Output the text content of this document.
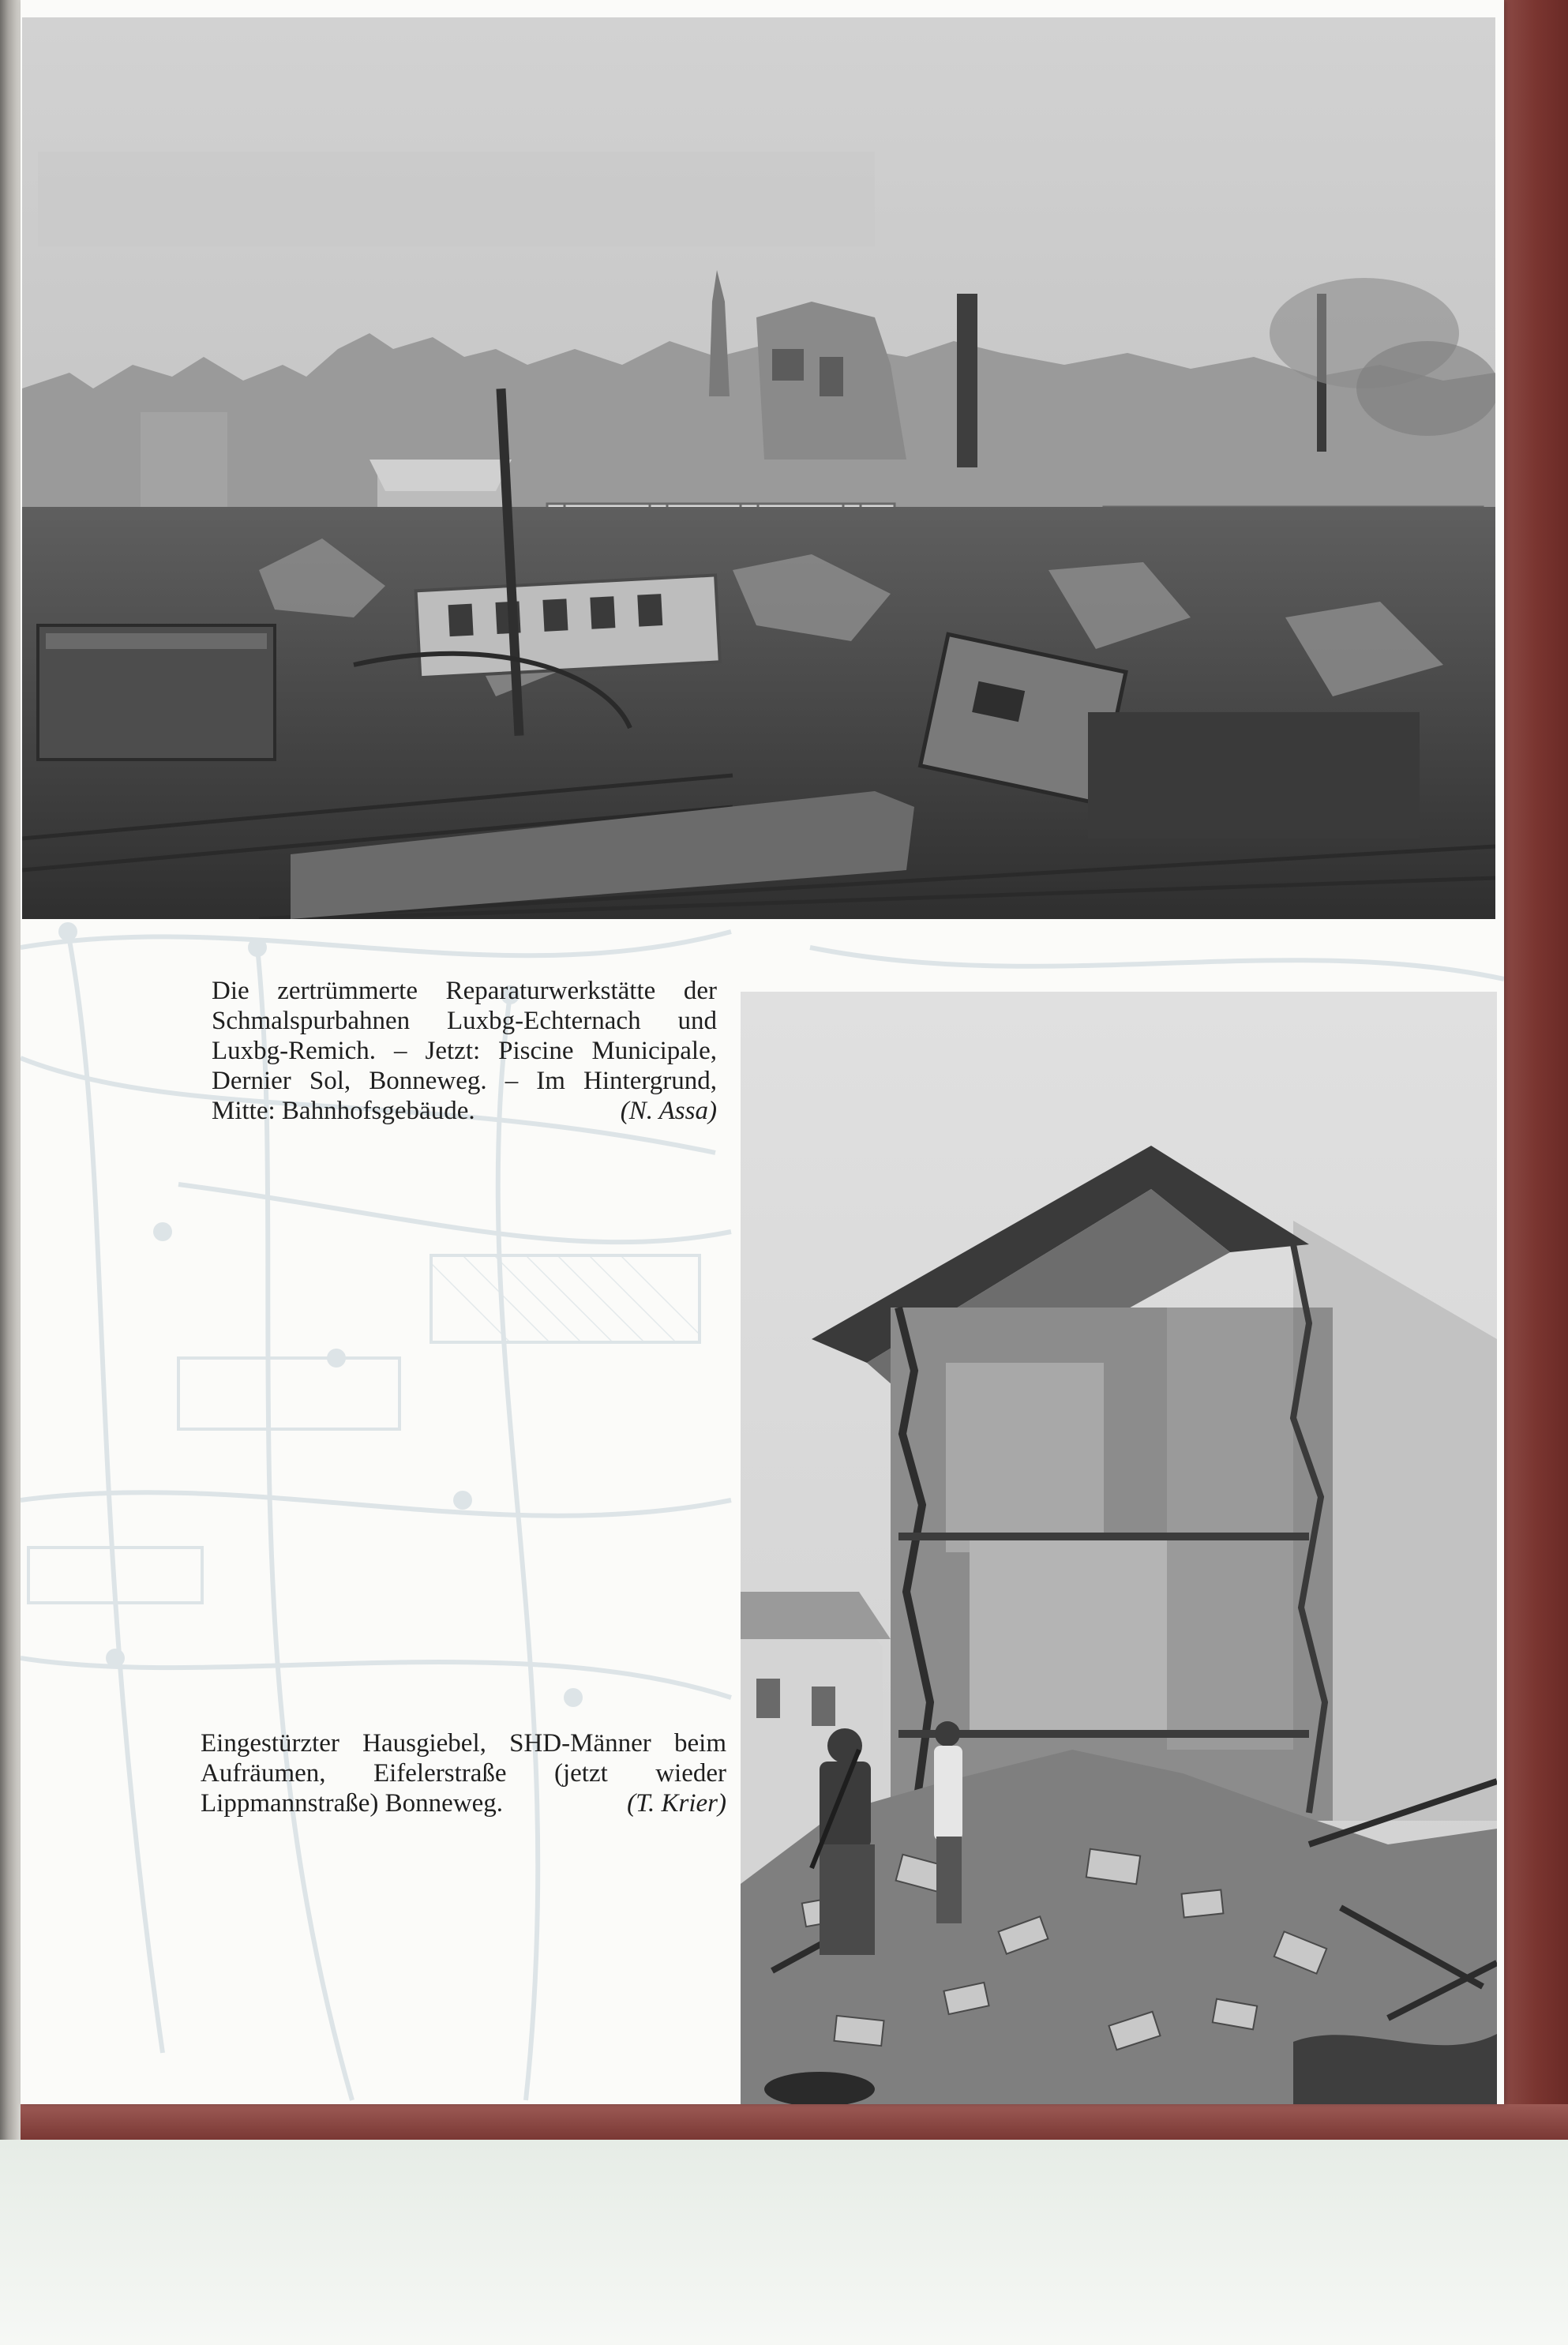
Die zertrümmerte Reparaturwerkstätte der Schmalspurbahnen Luxbg-Echternach und Luxbg-Remich. – Jetzt: Piscine Municipale, Dernier Sol, Bonneweg. – Im Hintergrund, Mitte: Bahnhofsgebäude.	(N. Assa)

Eingestürzter Hausgiebel, SHD-Männer beim Aufräumen, Eifelerstraße (jetzt wieder Lippmannstraße) Bonneweg.	(T. Krier)
